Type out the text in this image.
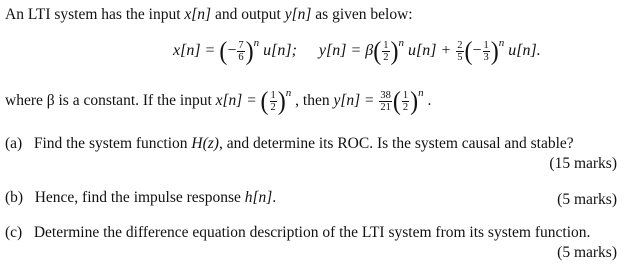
An LTI system has the input x[n] and output y[n] as given below:
x[n] = (− $\frac{7}{6} )^n$ u[n]; $y[n] = \beta( \frac{1}{2} )^n$ $u[n] + \frac{2}{5}$ (− $\frac{1}{3} )^n$ u[n].
where β is a constant. If the input x[n] = ( $\frac{1}{2} )^n$ , then $y[n] = \frac{38}{21}$ ( $\frac{1}{2} )^n$ .
(a) Find the system function H(z), and determine its ROC. Is the system causal and stable?
(15 marks)
(b) Hence, find the impulse response h[n].	(5 marks)
(c) Determine the difference equation description of the LTI system from its system function.
(5 marks)
